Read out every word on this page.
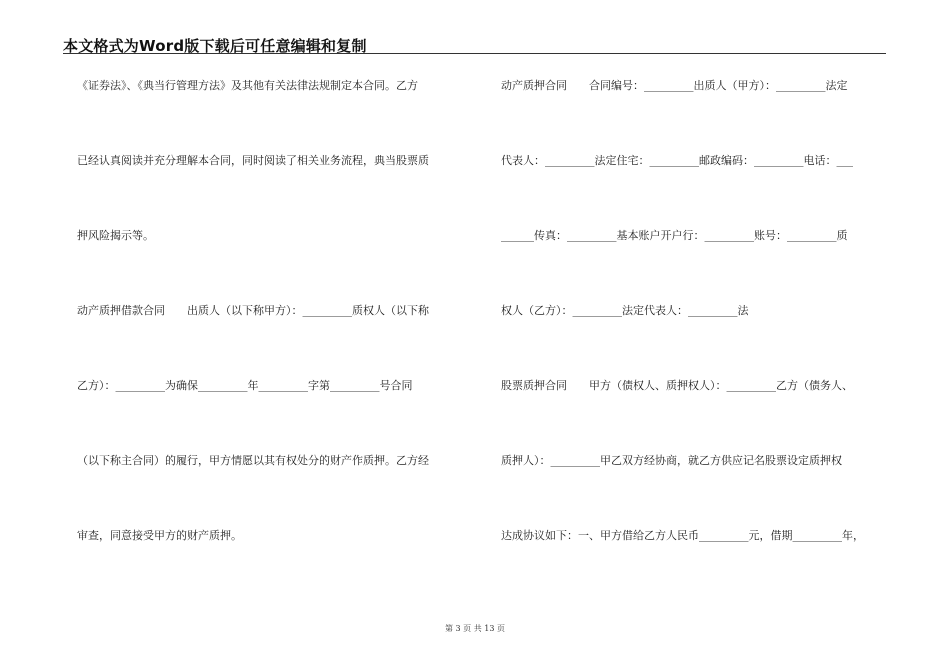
本文格式为Word版下载后可任意编辑和复制
《证券法》、《典当行管理方法》及其他有关法律法规制定本合同。乙方
已经认真阅读并充分理解本合同，同时阅读了相关业务流程，典当股票质
押风险揭示等。
动产质押借款合同　　出质人（以下称甲方）：_________质权人（以下称
乙方）：_________为确保_________年_________字第_________号合同
（以下称主合同）的履行，甲方情愿以其有权处分的财产作质押。乙方经
审查，同意接受甲方的财产质押。
动产质押合同　　合同编号：_________出质人（甲方）：_________法定
代表人：_________法定住宅：_________邮政编码：_________电话：___
______传真：_________基本账户开户行：_________账号：_________质
权人（乙方）：_________法定代表人：_________法
股票质押合同　　甲方（债权人、质押权人）：_________乙方（债务人、
质押人）：_________甲乙双方经协商，就乙方供应记名股票设定质押权
达成协议如下：一、甲方借给乙方人民币_________元，借期_________年，
第 3 页 共 13 页
